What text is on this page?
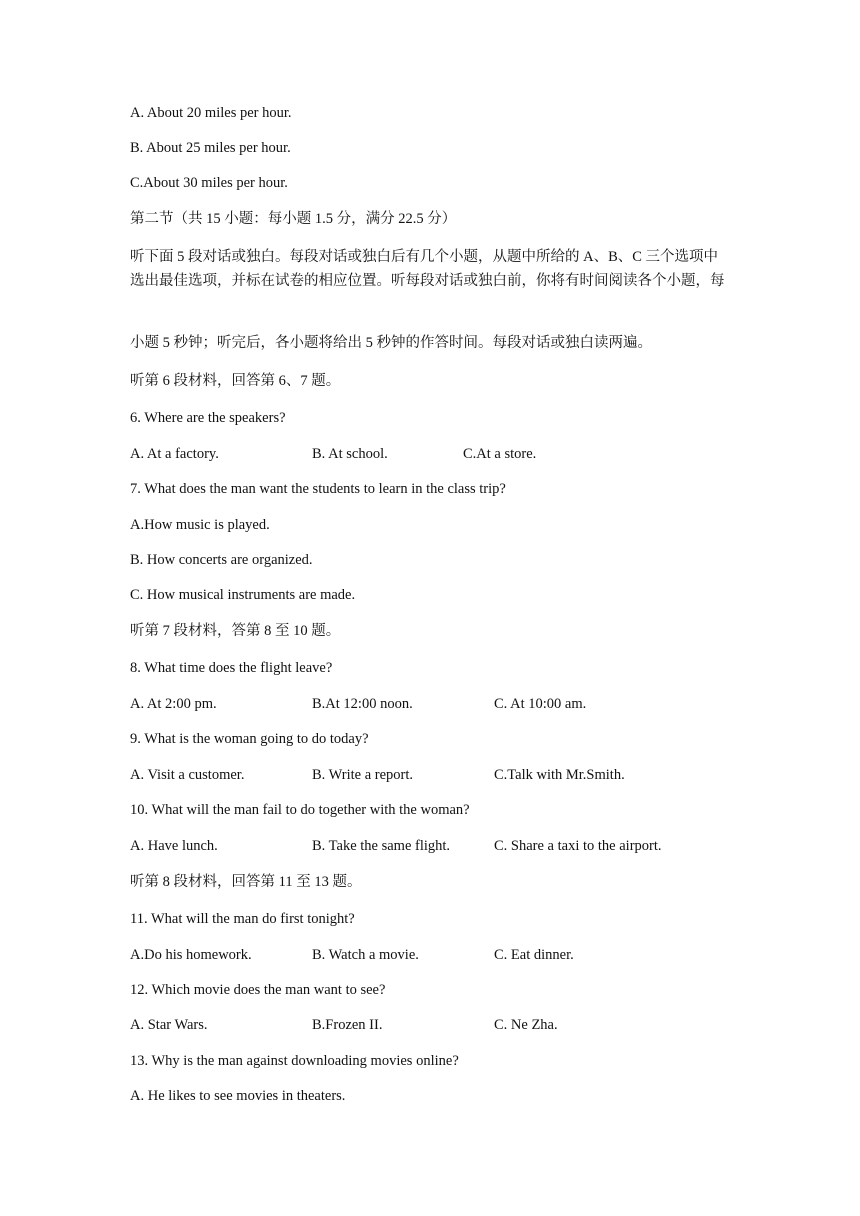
A. About 20 miles per hour.
B. About 25 miles per hour.
C.About 30 miles per hour.
第二节（共 15 小题：每小题 1.5 分，满分 22.5 分）
听下面 5 段对话或独白。每段对话或独白后有几个小题，从题中所给的 A、B、C 三个选项中选出最佳选项，并标在试卷的相应位置。听每段对话或独白前，你将有时间阅读各个小题，每
小题 5 秒钟；听完后，各小题将给出 5 秒钟的作答时间。每段对话或独白读两遍。
听第 6 段材料，回答第 6、7 题。
6. Where are the speakers?
A. At a factory.	B. At school.	C.At a store.
7. What does the man want the students to learn in the class trip?
A.How music is played.
B. How concerts are organized.
C. How musical instruments are made.
听第 7 段材料，答第 8 至 10 题。
8. What time does the flight leave?
A. At 2:00 pm.	B.At 12:00 noon.	C. At 10:00 am.
9. What is the woman going to do today?
A. Visit a customer.	B. Write a report.	C.Talk with Mr.Smith.
10. What will the man fail to do together with the woman?
A. Have lunch.	B. Take the same flight.	C. Share a taxi to the airport.
听第 8 段材料，回答第 11 至 13 题。
11. What will the man do first tonight?
A.Do his homework.	B. Watch a movie.	C. Eat dinner.
12. Which movie does the man want to see?
A. Star Wars.	B.Frozen II.	C. Ne Zha.
13. Why is the man against downloading movies online?
A. He likes to see movies in theaters.
